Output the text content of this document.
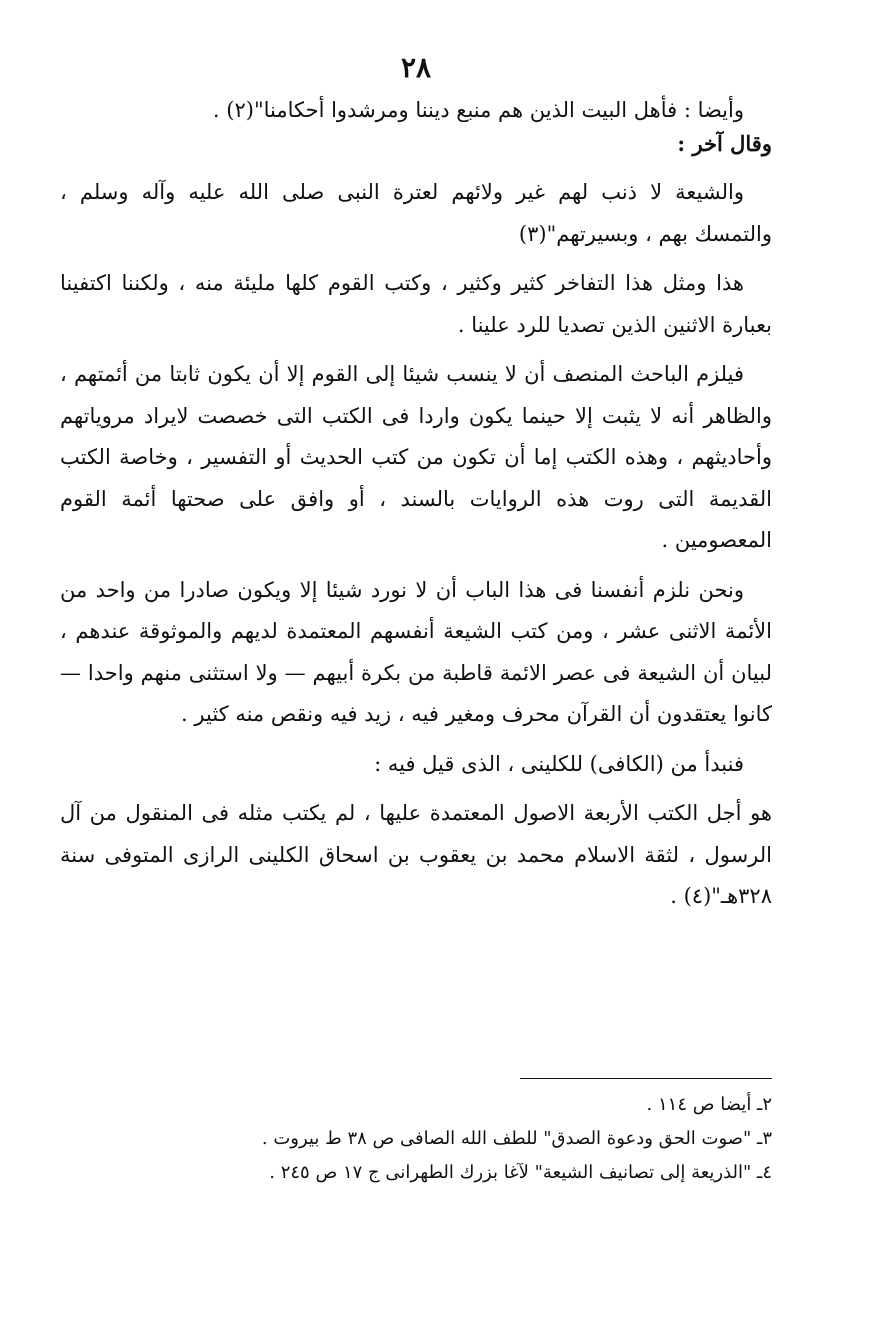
٢٨

وأيضا : فأهل البيت الذين هم منبع ديننا ومرشدوا أحكامنا"(٢) .

وقال آخر :

والشيعة لا ذنب لهم غير ولائهم لعترة النبى صلى الله عليه وآله وسلم ، والتمسك بهم ، وبسيرتهم"(٣)

هذا ومثل هذا التفاخر كثير وكثير ، وكتب القوم كلها مليئة منه ، ولكننا اكتفينا بعبارة الاثنين الذين تصديا للرد علينا .

فيلزم الباحث المنصف أن لا ينسب شيئا إلى القوم إلا أن يكون ثابتا من أئمتهم ، والظاهر أنه لا يثبت إلا حينما يكون واردا فى الكتب التى خصصت لايراد مروياتهم وأحاديثهم ، وهذه الكتب إما أن تكون من كتب الحديث أو التفسير ، وخاصة الكتب القديمة التى روت هذه الروايات بالسند ، أو وافق على صحتها أئمة القوم المعصومين .

ونحن نلزم أنفسنا فى هذا الباب أن لا نورد شيئا إلا ويكون صادرا من واحد من الأئمة الاثنى عشر ، ومن كتب الشيعة أنفسهم المعتمدة لديهم والموثوقة عندهم ، لبيان أن الشيعة فى عصر الائمة قاطبة من بكرة أبيهم — ولا استثنى منهم واحدا — كانوا يعتقدون أن القرآن محرف ومغير فيه ، زيد فيه ونقص منه كثير .

فنبدأ من (الكافى) للكلينى ، الذى قيل فيه :

هو أجل الكتب الأربعة الاصول المعتمدة عليها ، لم يكتب مثله فى المنقول من آل الرسول ، لثقة الاسلام محمد بن يعقوب بن اسحاق الكلينى الرازى المتوفى سنة ٣٢٨هـ"(٤) .

٢ـ أيضا ص ١١٤ .

٣ـ "صوت الحق ودعوة الصدق" للطف الله الصافى ص ٣٨ ط بيروت .

٤ـ "الذريعة إلى تصانيف الشيعة" لآغا بزرك الطهرانى ج ١٧ ص ٢٤٥ .
